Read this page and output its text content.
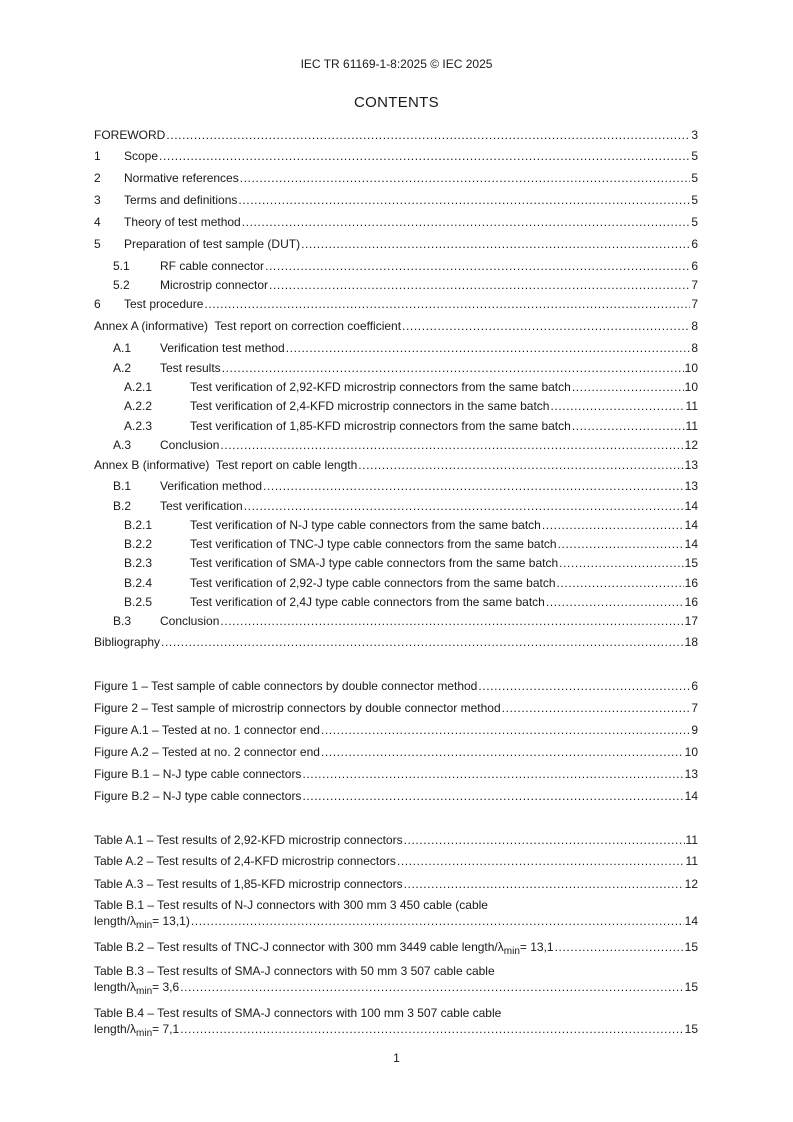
IEC TR 61169-1-8:2025 © IEC 2025
CONTENTS
FOREWORD .....	3
1	Scope .....	5
2	Normative references .....	5
3	Terms and definitions .....	5
4	Theory of test method .....	5
5	Preparation of test sample (DUT) .....	6
5.1	RF cable connector .....	6
5.2	Microstrip connector .....	7
6	Test procedure .....	7
Annex A (informative)  Test report on correction coefficient .....	8
A.1	Verification test method .....	8
A.2	Test results .....	10
A.2.1	Test verification of 2,92-KFD microstrip connectors from the same batch .....	10
A.2.2	Test verification of 2,4-KFD microstrip connectors in the same batch .....	11
A.2.3	Test verification of 1,85-KFD microstrip connectors from the same batch .....	11
A.3	Conclusion .....	12
Annex B (informative)  Test report on cable length .....	13
B.1	Verification method .....	13
B.2	Test verification .....	14
B.2.1	Test verification of N-J type cable connectors from the same batch .....	14
B.2.2	Test verification of TNC-J type cable connectors from the same batch .....	14
B.2.3	Test verification of SMA-J type cable connectors from the same batch .....	15
B.2.4	Test verification of 2,92-J type cable connectors from the same batch .....	16
B.2.5	Test verification of 2,4J type cable connectors from the same batch .....	16
B.3	Conclusion .....	17
Bibliography .....	18
Figure 1 – Test sample of cable connectors by double connector method .....	6
Figure 2 – Test sample of microstrip connectors by double connector method .....	7
Figure A.1 – Tested at no. 1 connector end .....	9
Figure A.2 – Tested at no. 2 connector end .....	10
Figure B.1 – N-J type cable connectors .....	13
Figure B.2 – N-J type cable connectors .....	14
Table A.1 – Test results of 2,92-KFD microstrip connectors .....	11
Table A.2 – Test results of 2,4-KFD microstrip connectors .....	11
Table A.3 – Test results of 1,85-KFD microstrip connectors .....	12
Table B.1 – Test results of N-J connectors with 300 mm 3 450 cable (cable
length/$\lambda_{min}= 13,1$) .....	14
Table B.2 – Test results of TNC-J connector with 300 mm 3449 cable length/$\lambda_{min}= 13,1$ .....	15
Table B.3 – Test results of SMA-J connectors with 50 mm 3 507 cable cable
length/$\lambda_{min}= 3,6$ .....	15
Table B.4 – Test results of SMA-J connectors with 100 mm 3 507 cable cable
length/$\lambda_{min}= 7,1$ .....	15
1
